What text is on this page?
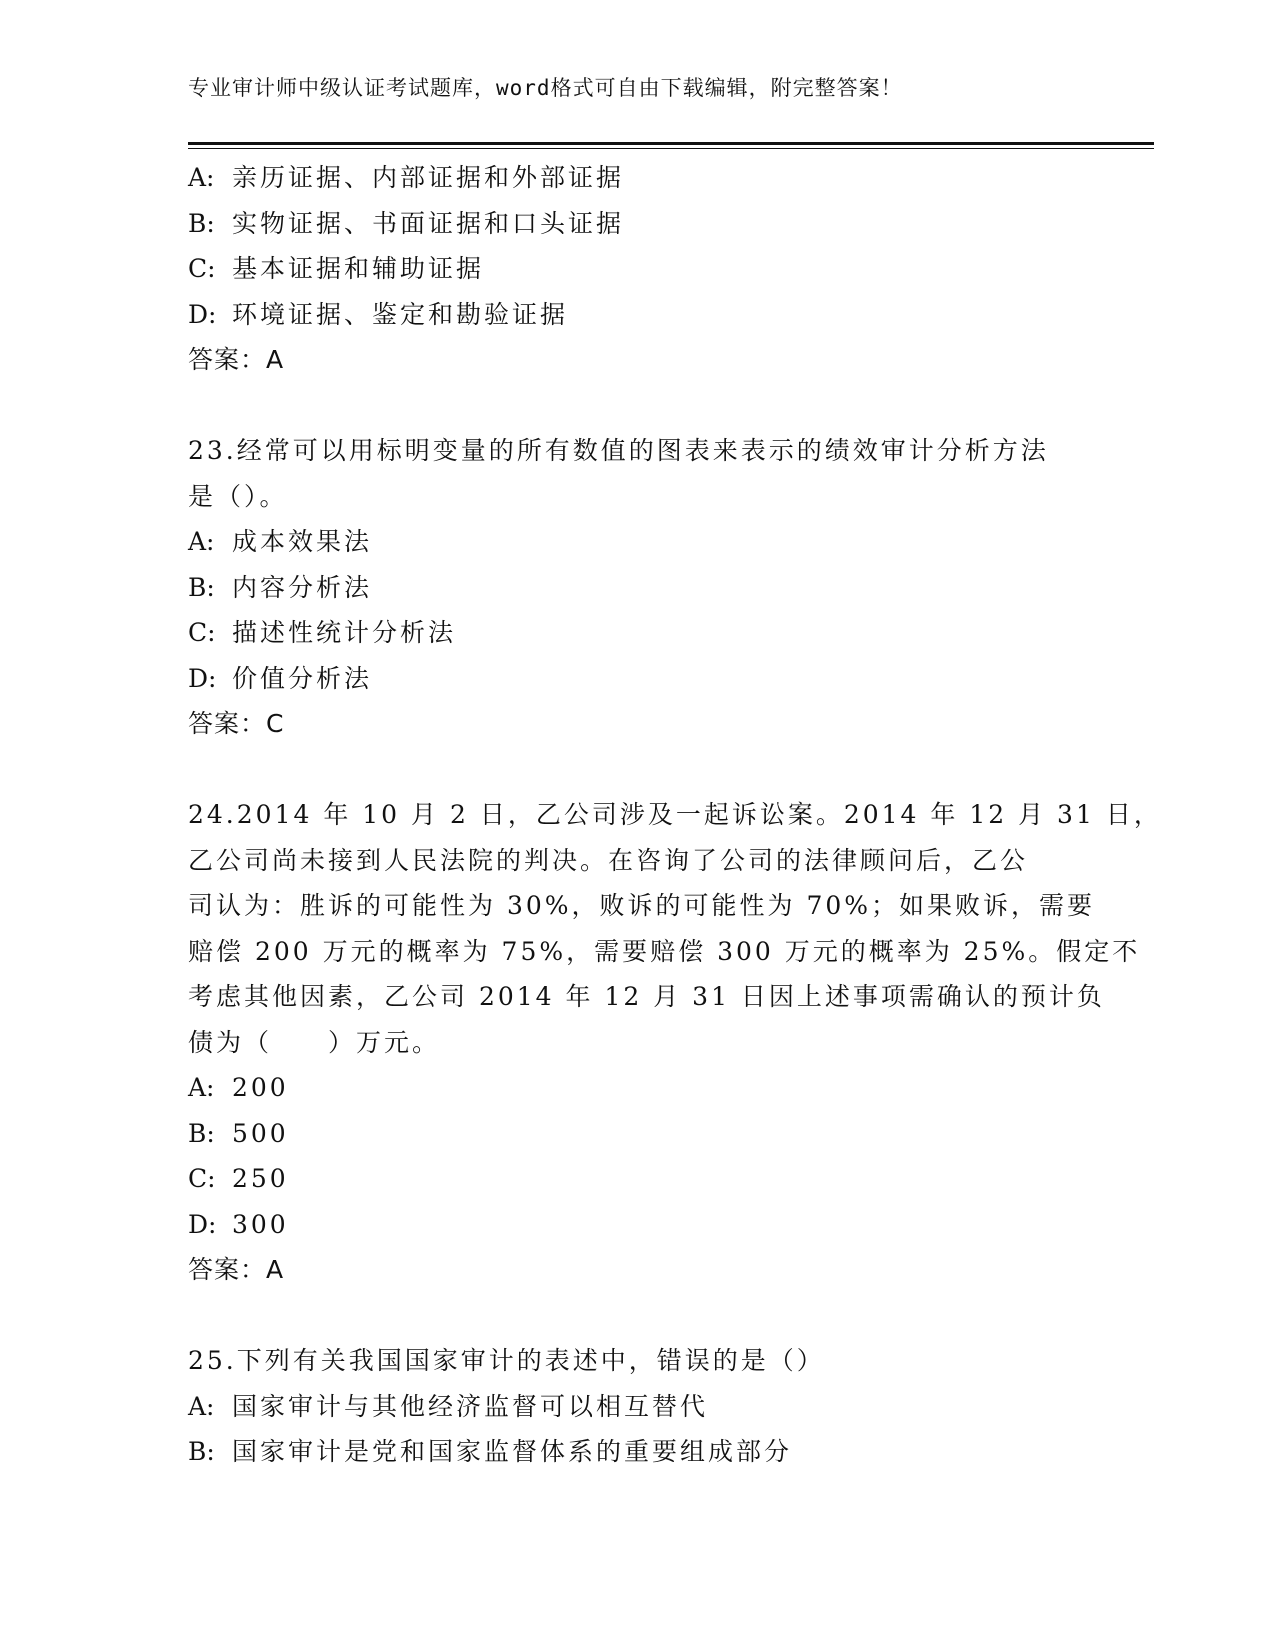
专业审计师中级认证考试题库，word格式可自由下载编辑，附完整答案！
A: 亲历证据、内部证据和外部证据
B: 实物证据、书面证据和口头证据
C: 基本证据和辅助证据
D: 环境证据、鉴定和勘验证据
答案：A
23.经常可以用标明变量的所有数值的图表来表示的绩效审计分析方法
是（）。
A: 成本效果法
B: 内容分析法
C: 描述性统计分析法
D: 价值分析法
答案：C
24.2014 年 10 月 2 日，乙公司涉及一起诉讼案。2014 年 12 月 31 日，
乙公司尚未接到人民法院的判决。在咨询了公司的法律顾问后，乙公
司认为：胜诉的可能性为 30%，败诉的可能性为 70%；如果败诉，需要
赔偿 200 万元的概率为 75%，需要赔偿 300 万元的概率为 25%。假定不
考虑其他因素，乙公司 2014 年 12 月 31 日因上述事项需确认的预计负
债为（　　）万元。
A: 200
B: 500
C: 250
D: 300
答案：A
25.下列有关我国国家审计的表述中，错误的是（）
A: 国家审计与其他经济监督可以相互替代
B: 国家审计是党和国家监督体系的重要组成部分
